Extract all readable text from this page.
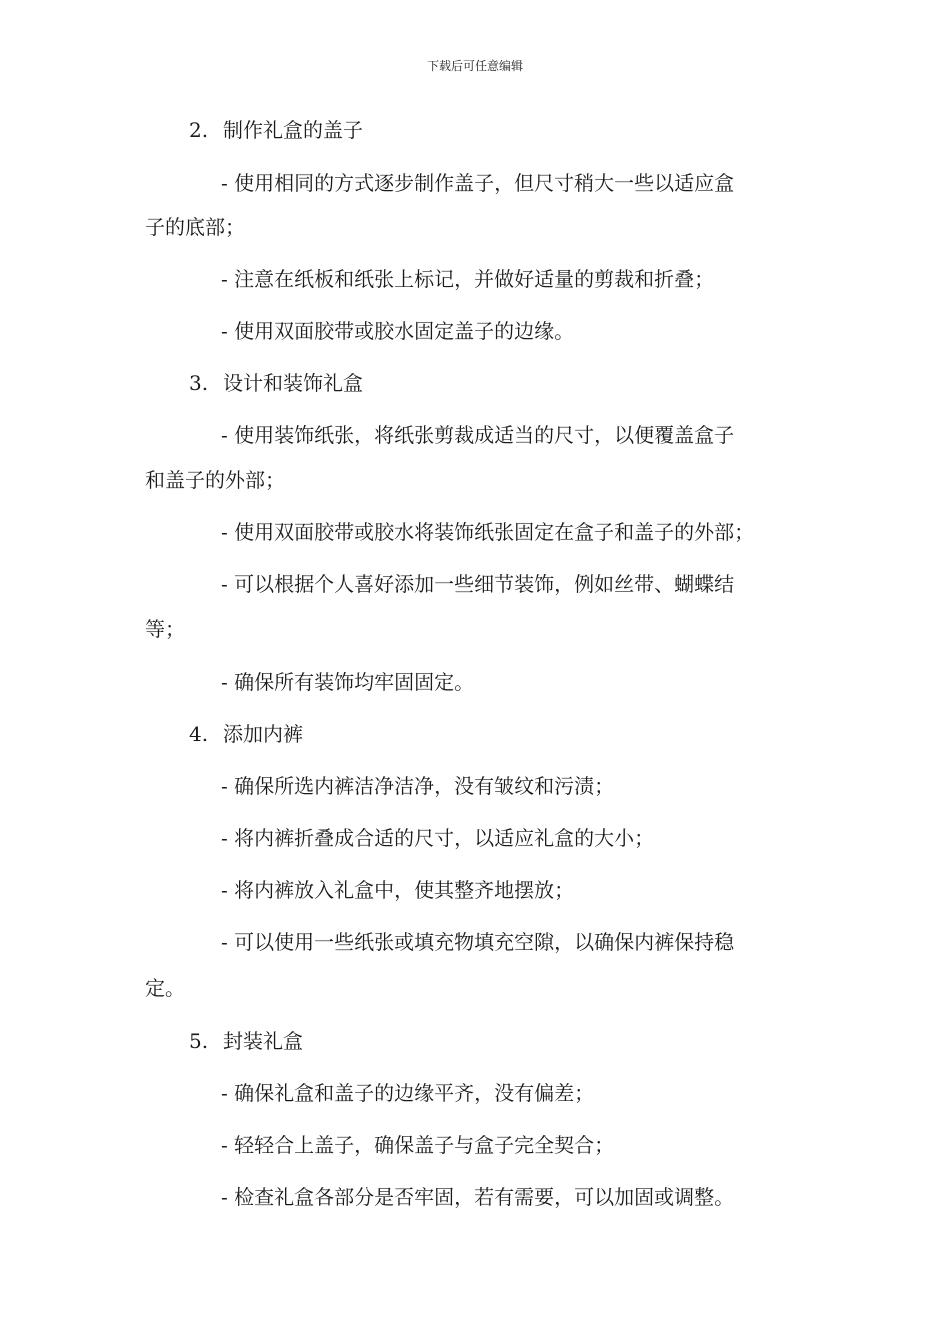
下载后可任意编辑
2. 制作礼盒的盖子
- 使用相同的方式逐步制作盖子，但尺寸稍大一些以适应盒
子的底部；
- 注意在纸板和纸张上标记，并做好适量的剪裁和折叠；
- 使用双面胶带或胶水固定盖子的边缘。
3. 设计和装饰礼盒
- 使用装饰纸张，将纸张剪裁成适当的尺寸，以便覆盖盒子
和盖子的外部；
- 使用双面胶带或胶水将装饰纸张固定在盒子和盖子的外部；
- 可以根据个人喜好添加一些细节装饰，例如丝带、蝴蝶结
等；
- 确保所有装饰均牢固固定。
4. 添加内裤
- 确保所选内裤洁净洁净，没有皱纹和污渍；
- 将内裤折叠成合适的尺寸，以适应礼盒的大小；
- 将内裤放入礼盒中，使其整齐地摆放；
- 可以使用一些纸张或填充物填充空隙，以确保内裤保持稳
定。
5. 封装礼盒
- 确保礼盒和盖子的边缘平齐，没有偏差；
- 轻轻合上盖子，确保盖子与盒子完全契合；
- 检查礼盒各部分是否牢固，若有需要，可以加固或调整。
